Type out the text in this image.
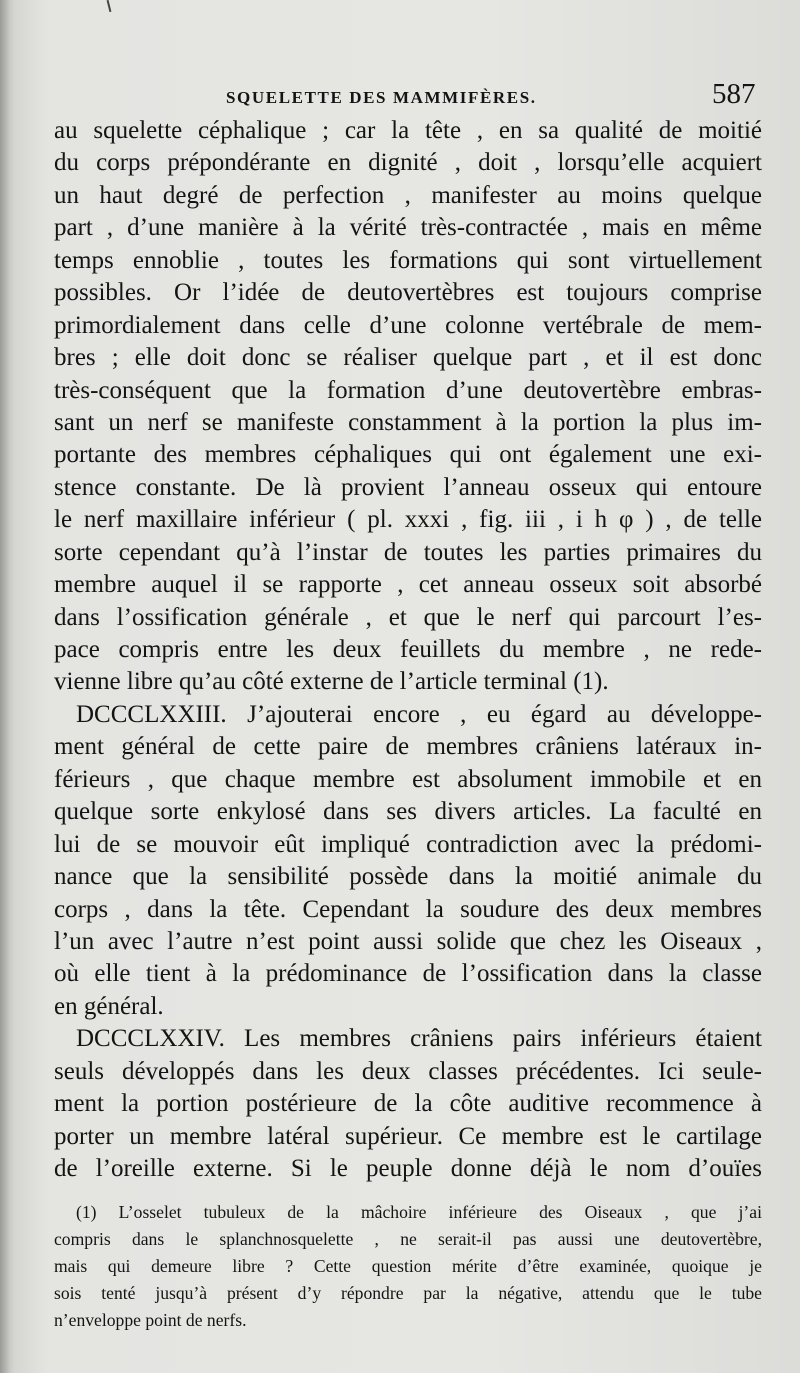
SQUELETTE DES MAMMIFÈRES.	587
au squelette céphalique ; car la tête , en sa qualité de moitié
du corps prépondérante en dignité , doit , lorsqu’elle acquiert
un haut degré de perfection , manifester au moins quelque
part , d’une manière à la vérité très-contractée , mais en même
temps ennoblie , toutes les formations qui sont virtuellement
possibles. Or l’idée de deutovertèbres est toujours comprise
primordialement dans celle d’une colonne vertébrale de mem-
bres ; elle doit donc se réaliser quelque part , et il est donc
très-conséquent que la formation d’une deutovertèbre embras-
sant un nerf se manifeste constamment à la portion la plus im-
portante des membres céphaliques qui ont également une exi-
stence constante. De là provient l’anneau osseux qui entoure
le nerf maxillaire inférieur ( pl. xxxi , fig. iii , i h φ ) , de telle
sorte cependant qu’à l’instar de toutes les parties primaires du
membre auquel il se rapporte , cet anneau osseux soit absorbé
dans l’ossification générale , et que le nerf qui parcourt l’es-
pace compris entre les deux feuillets du membre , ne rede-
vienne libre qu’au côté externe de l’article terminal (1).
DCCCLXXIII. J’ajouterai encore , eu égard au développe-
ment général de cette paire de membres crâniens latéraux in-
férieurs , que chaque membre est absolument immobile et en
quelque sorte enkylosé dans ses divers articles. La faculté en
lui de se mouvoir eût impliqué contradiction avec la prédomi-
nance que la sensibilité possède dans la moitié animale du
corps , dans la tête. Cependant la soudure des deux membres
l’un avec l’autre n’est point aussi solide que chez les Oiseaux ,
où elle tient à la prédominance de l’ossification dans la classe
en général.
DCCCLXXIV. Les membres crâniens pairs inférieurs étaient
seuls développés dans les deux classes précédentes. Ici seule-
ment la portion postérieure de la côte auditive recommence à
porter un membre latéral supérieur. Ce membre est le cartilage
de l’oreille externe. Si le peuple donne déjà le nom d’ouïes
(1) L’osselet tubuleux de la mâchoire inférieure des Oiseaux , que j’ai
compris dans le splanchnosquelette , ne serait-il pas aussi une deutovertèbre,
mais qui demeure libre ? Cette question mérite d’être examinée, quoique je
sois tenté jusqu’à présent d’y répondre par la négative, attendu que le tube
n’enveloppe point de nerfs.
